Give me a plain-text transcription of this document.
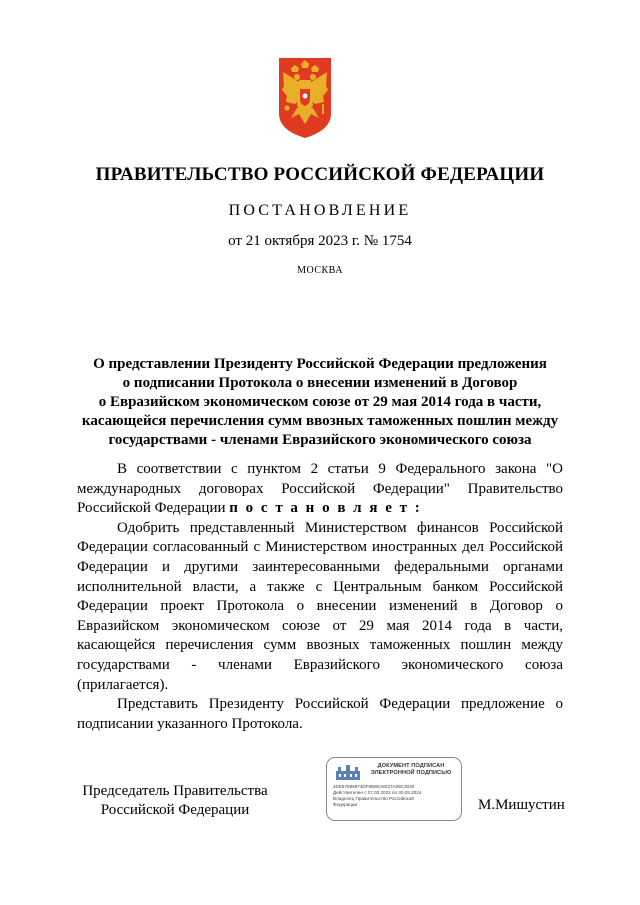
ПРАВИТЕЛЬСТВО РОССИЙСКОЙ ФЕДЕРАЦИИ
ПОСТАНОВЛЕНИЕ
от 21 октября 2023 г. № 1754
МОСКВА
О представлении Президенту Российской Федерации предложения
о подписании Протокола о внесении изменений в Договор
о Евразийском экономическом союзе от 29 мая 2014 года в части,
касающейся перечисления сумм ввозных таможенных пошлин между
государствами - членами Евразийского экономического союза

В соответствии с пунктом 2 статьи 9 Федерального закона "О международных договорах Российской Федерации" Правительство Российской Федерации п о с т а н о в л я е т :

Одобрить представленный Министерством финансов Российской Федерации согласованный с Министерством иностранных дел Российской Федерации и другими заинтересованными федеральными органами исполнительной власти, а также с Центральным банком Российской Федерации проект Протокола о внесении изменений в Договор о Евразийском экономическом союзе от 29 мая 2014 года в части, касающейся перечисления сумм ввозных таможенных пошлин между государствами - членами Евразийского экономического союза (прилагается).

Представить Президенту Российской Федерации предложение о подписании указанного Протокола.

Председатель Правительства
Российской Федерации
ДОКУМЕНТ ПОДПИСАН
ЭЛЕКТРОННОЙ ПОДПИСЬЮ
4DE57888873DF8B80A6037A09C3030
Действителен с 07.03.2023 по 30.05.2024
Владелец Правительство Российской
Федерации	М.Мишустин
